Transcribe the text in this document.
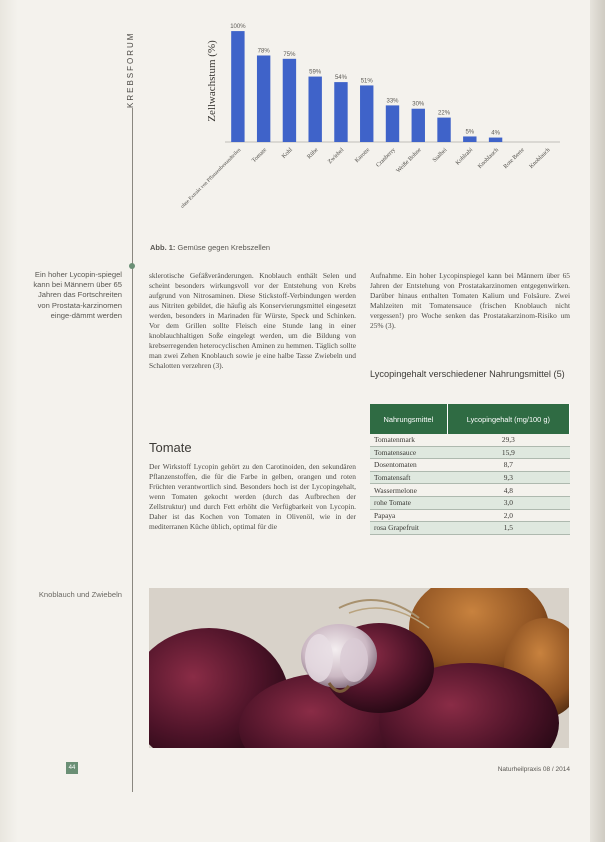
KREBSFORUM	Zellwachstum (%)
100%
ohne Extrakt von Pflanzenbestandteilen
78%
Tomate
75%
Kohl
59%
Rübe
54%
Zwiebel
51%
Karotte
33%
Cranberry
30%
Weiße Bohne
22%
Ssalbei
5%
Kohlrabi
4%
Knoblauch Rote Beete Knoblauch
Abb. 1: Gemüse gegen Krebszellen
Ein hoher Lycopin-spiegel kann bei Männern über 65 Jahren das Fortschreiten von Prostata-karzinomen einge-dämmt werden
Knoblauch und Zwiebeln
sklerotische Gefäßveränderungen. Knoblauch enthält Selen und scheint besonders wirkungsvoll vor der Entstehung von Krebs aufgrund von Nitrosaminen. Diese Stickstoff-Verbindungen werden aus Nitriten gebildet, die häufig als Konservierungsmittel eingesetzt werden, besonders in Marinaden für Würste, Speck und Schinken. Vor dem Grillen sollte Fleisch eine Stunde lang in einer knoblauchhaltigen Soße eingelegt werden, um die Bildung von krebserregenden heterocyclischen Aminen zu hemmen. Täglich sollte man zwei Zehen Knoblauch sowie je eine halbe Tasse Zwiebeln und Schalotten verzehren (3).
Tomate
Der Wirkstoff Lycopin gehört zu den Carotinoiden, den sekundären Pflanzenstoffen, die für die Farbe in gelben, orangen und roten Früchten verantwortlich sind. Besonders hoch ist der Lycopingehalt, wenn Tomaten gekocht werden (durch das Aufbrechen der Zellstruktur) und durch Fett erhöht die Verfügbarkeit von Lycopin. Daher ist das Kochen von Tomaten in Olivenöl, wie in der mediterranen Küche üblich, optimal für die
Aufnahme. Ein hoher Lycopinspiegel kann bei Männern über 65 Jahren der Entstehung von Prostatakarzinomen entgegenwirken. Darüber hinaus enthalten Tomaten Kalium und Folsäure. Zwei Mahlzeiten mit Tomatensauce (frischen Knoblauch nicht vergessen!) pro Woche senken das Prostatakarzinom-Risiko um 25% (3).
Lycopingehalt verschiedener Nahrungsmittel (5)
Nahrungsmittel	Lycopingehalt (mg/100 g)
Tomatenmark	29,3
Tomatensauce	15,9
Dosentomaten	8,7
Tomatensaft	9,3
Wassermelone	4,8
rohe Tomate	3,0
Papaya	2,0
rosa Grapefruit	1,5
44	Naturheilpraxis 08 / 2014
